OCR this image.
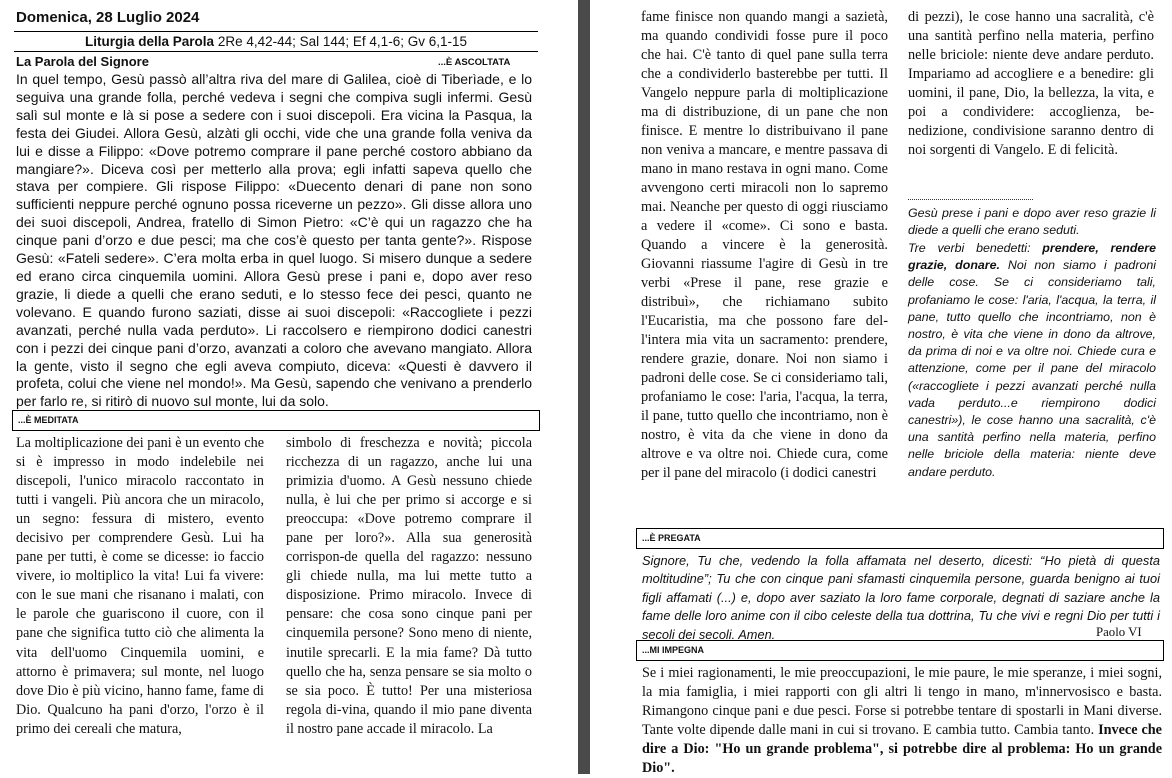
Domenica, 28 Luglio 2024
Liturgia della Parola 2Re 4,42-44; Sal 144; Ef 4,1-6; Gv 6,1-15
La Parola del Signore	...È ASCOLTATA
In quel tempo, Gesù passò all’altra riva del mare di Galilea, cioè di Tiberìade, e lo seguiva una grande folla, perché vedeva i segni che compiva sugli infermi. Gesù salì sul monte e là si pose a sedere con i suoi discepoli. Era vicina la Pasqua, la festa dei Giudei. Allora Gesù, alzàti gli occhi, vide che una grande folla veniva da lui e disse a Filippo: «Dove potremo comprare il pane perché costoro abbiano da mangiare?». Diceva così per metterlo alla prova; egli infatti sapeva quello che stava per compiere. Gli rispose Filippo: «Duecento denari di pane non sono sufficienti neppure perché ognuno possa riceverne un pezzo». Gli disse allora uno dei suoi discepoli, Andrea, fratello di Simon Pietro: «C’è qui un ragazzo che ha cinque pani d’orzo e due pesci; ma che cos’è questo per tanta gente?». Rispose Gesù: «Fateli sedere». C’era molta erba in quel luogo. Si misero dunque a sedere ed erano circa cinquemila uomini. Allora Gesù prese i pani e, dopo aver reso grazie, li diede a quelli che erano seduti, e lo stesso fece dei pesci, quanto ne volevano. E quando furono saziati, disse ai suoi discepoli: «Raccogliete i pezzi avanzati, perché nulla vada perduto». Li raccolsero e riempirono dodici canestri con i pezzi dei cinque pani d’orzo, avanzati a coloro che avevano mangiato. Allora la gente, visto il segno che egli aveva compiuto, diceva: «Questi è davvero il profeta, colui che viene nel mondo!». Ma Gesù, sapendo che venivano a prenderlo per farlo re, si ritirò di nuovo sul monte, lui da solo.
...È MEDITATA
La moltiplicazione dei pani è un evento che si è impresso in modo indelebile nei discepoli, l'unico miracolo raccontato in tutti i vangeli. Più ancora che un miracolo, un segno: fessura di mistero, evento decisivo per comprendere Gesù. Lui ha pane per tutti, è come se dicesse: io faccio vivere, io moltiplico la vita! Lui fa vivere: con le sue mani che risanano i malati, con le parole che guariscono il cuore, con il pane che significa tutto ciò che alimenta la vita dell'uomo Cinquemila uomini, e attorno è primavera; sul monte, nel luogo dove Dio è più vicino, hanno fame, fame di Dio. Qualcuno ha pani d'orzo, l'orzo è il primo dei cereali che matura,
simbolo di freschezza e novità; piccola ricchezza di un ragazzo, anche lui una primizia d'uomo. A Gesù nessuno chiede nulla, è lui che per primo si accorge e si preoccupa: «Dove potremo comprare il pane per loro?». Alla sua generosità corrispon-de quella del ragazzo: nessuno gli chiede nulla, ma lui mette tutto a disposizione. Primo miracolo. Invece di pensare: che cosa sono cinque pani per cinquemila persone? Sono meno di niente, inutile sprecarli. E la mia fame? Dà tutto quello che ha, senza pensare se sia molto o se sia poco. È tutto! Per una misteriosa regola di-vina, quando il mio pane diventa il nostro pane accade il miracolo. La
fame finisce non quando mangi a sazietà, ma quando condividi fosse pure il poco che hai. C'è tanto di quel pane sulla terra che a condividerlo basterebbe per tutti. Il Vangelo neppure parla di moltiplicazione ma di distribuzione, di un pane che non finisce. E mentre lo distribuivano il pane non veniva a mancare, e mentre passava di mano in mano restava in ogni mano. Come avvengono certi miracoli non lo sapremo mai. Neanche per questo di oggi riusciamo a vedere il «come». Ci sono e basta. Quando a vincere è la generosità. Giovanni riassume l'agire di Gesù in tre verbi «Prese il pane, rese grazie e distribuì», che richiamano subito l'Eucaristia, ma che possono fare del-l'intera mia vita un sacramento: prendere, rendere grazie, donare. Noi non siamo i padroni delle cose. Se ci consideriamo tali, profaniamo le cose: l'aria, l'acqua, la terra, il pane, tutto quello che incontriamo, non è nostro, è vita da che viene in dono da altrove e va oltre noi. Chiede cura, come per il pane del miracolo (i dodici canestri
di pezzi), le cose hanno una sacralità, c'è una santità perfino nella materia, perfino nelle briciole: niente deve andare perduto. Impariamo ad accogliere e a benedire: gli uomini, il pane, Dio, la bellezza, la vita, e poi a condividere: accoglienza, be-nedizione, condivisione saranno dentro di noi sorgenti di Vangelo. E di felicità.
Gesù prese i pani e dopo aver reso grazie li diede a quelli che erano seduti.
Tre verbi benedetti: prendere, rendere grazie, donare. Noi non siamo i padroni delle cose. Se ci consideriamo tali, profaniamo le cose: l'aria, l'acqua, la terra, il pane, tutto quello che incontriamo, non è nostro, è vita che viene in dono da altrove, da prima di noi e va oltre noi. Chiede cura e attenzione, come per il pane del miracolo («raccogliete i pezzi avanzati perché nulla vada perduto...e riempirono dodici canestri»), le cose hanno una sacralità, c'è una santità perfino nella materia, perfino nelle briciole della materia: niente deve andare perduto.
...È PREGATA
Signore, Tu che, vedendo la folla affamata nel deserto, dicesti: “Ho pietà di questa moltitudine”; Tu che con cinque pani sfamasti cinquemila persone, guarda benigno ai tuoi figli affamati (...) e, dopo aver saziato la loro fame corporale, degnati di saziare anche la fame delle loro anime con il cibo celeste della tua dottrina, Tu che vivi e regni Dio per tutti i secoli dei secoli. Amen.	Paolo VI
...MI IMPEGNA
Se i miei ragionamenti, le mie preoccupazioni, le mie paure, le mie speranze, i miei sogni, la mia famiglia, i miei rapporti con gli altri li tengo in mano, m'innervosisco e basta. Rimangono cinque pani e due pesci. Forse si potrebbe tentare di spostarli in Mani diverse. Tante volte dipende dalle mani in cui si trovano. E cambia tutto. Cambia tanto. Invece che dire a Dio: "Ho un grande problema", si potrebbe dire al problema: Ho un grande Dio".
